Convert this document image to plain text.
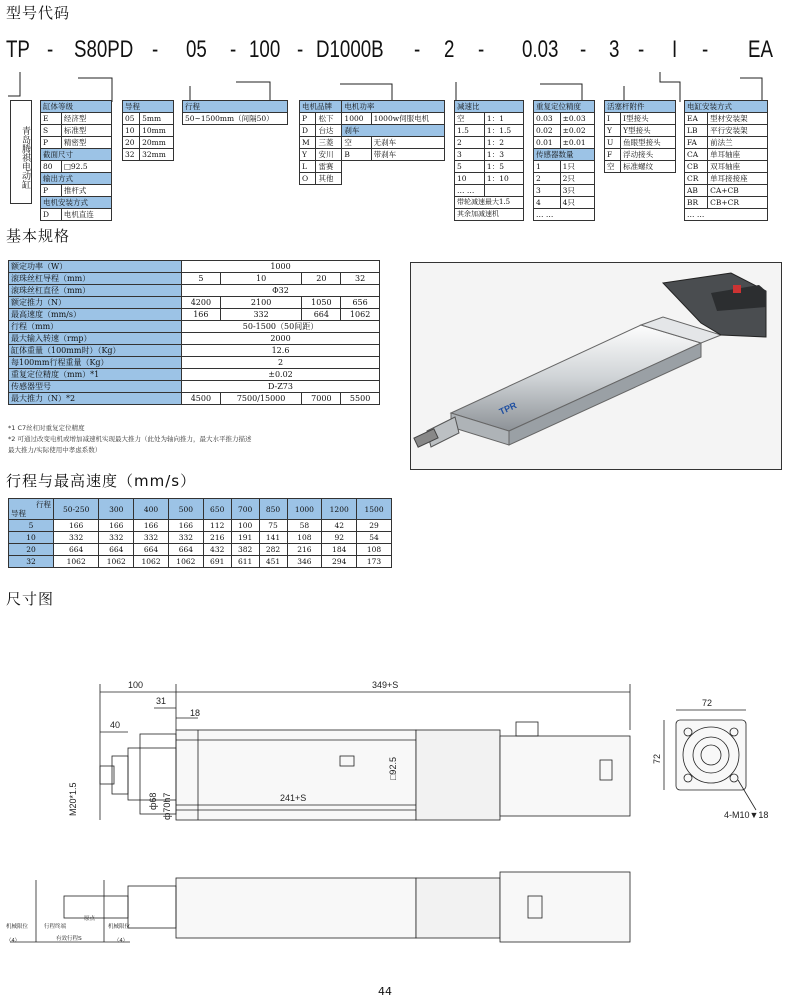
型号代码
TP - S80PD - 05 - 100 - D1000B - 2 - 0.03 - 3 - I - EA
青岛腾祺电动缸
缸体等级	
E	经济型
S	标准型
P	精密型
截面尺寸	
80	□92.5
输出方式	
P	推杆式
电机安装方式	
D	电机直连
导程	
05	5mm
10	10mm
20	20mm
32	32mm
行程
50~1500mm（间隔50）
电机品牌		电机功率	
P	松下	1000	1000w伺服电机
D	台达	刹车	
M	三菱	空	无刹车
Y	安川	B	带刹车
L	雷赛		
O	其他		
减速比	
空	1：1
1.5	1：1.5
2	1：2
3	1：3
5	1：5
10	1：10
… …	
带轮减速最大1.5	
其余加减速机	
重复定位精度	
0.03	±0.03
0.02	±0.02
0.01	±0.01
传感器数量	
1	1只
2	2只
3	3只
4	4只
… …	
活塞杆附件	
I	I型接头
Y	Y型接头
U	鱼眼型接头
F	浮动接头
空	标准螺纹
电缸安装方式	
EA	型材安装架
LB	平行安装架
FA	前法兰
CA	单耳轴座
CB	双耳轴座
CR	单耳接接座
AB	CA+CB
BR	CB+CR
… …	
基本规格
额定功率（W）	1000			
滚珠丝杠导程（mm）	5	10	20	32
滚珠丝杠直径（mm）	Φ32			
额定推力（N）	4200	2100	1050	656
最高速度（mm/s）	166	332	664	1062
行程（mm）	50-1500（50间距）			
最大输入转速（rmp）	2000			
缸体重量（100mm时）（Kg）	12.6			
每100mm行程重量（Kg）	2			
重复定位精度（mm）*1	±0.02			
传感器型号	D-Z73			
最大推力（N）*2	4500	7500/15000	7000	5500
*1 C7丝杠时重复定位精度
*2 可通过改变电机或增加减速机实现最大推力（此处为轴向推力，最大水平推力描述
最大推力/实际使用中孝虑系数）
TPR
行程与最高速度（mm/s）
行程
导程	50-250	300	400	500	650	700	850	1000	1200	1500
5	166	166	166	166	112	100	75	58	42	29
10	332	332	332	332	216	191	141	108	92	54
20	664	664	664	664	432	382	282	216	184	108
32	1062	1062	1062	1062	691	611	451	346	294	173
尺寸图
100	349+S
31
18
40
□92.5
241+S
ф68 ф70h7
M20*1.5
72
72
4-M10▼18
机械限位	行程终端
原点
有效行程S
机械限位
（4）	（4）
44
